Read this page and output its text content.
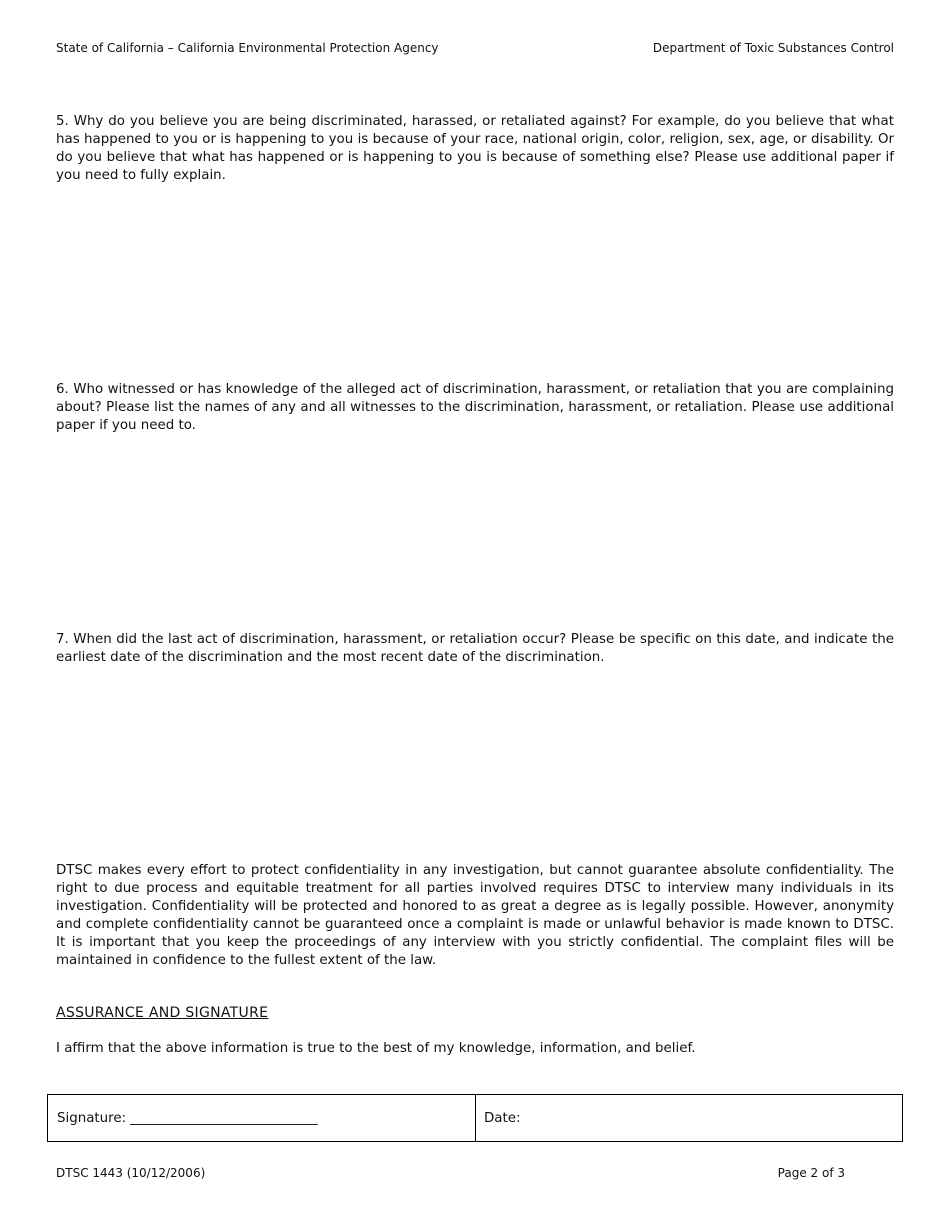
State of California – California Environmental Protection Agency	Department of Toxic Substances Control

5. Why do you believe you are being discriminated, harassed, or retaliated against? For example, do you believe that what has happened to you or is happening to you is because of your race, national origin, color, religion, sex, age, or disability. Or do you believe that what has happened or is happening to you is because of something else? Please use additional paper if you need to fully explain.

6. Who witnessed or has knowledge of the alleged act of discrimination, harassment, or retaliation that you are complaining about? Please list the names of any and all witnesses to the discrimination, harassment, or retaliation. Please use additional paper if you need to.

7. When did the last act of discrimination, harassment, or retaliation occur? Please be specific on this date, and indicate the earliest date of the discrimination and the most recent date of the discrimination.

DTSC makes every effort to protect confidentiality in any investigation, but cannot guarantee absolute confidentiality. The right to due process and equitable treatment for all parties involved requires DTSC to interview many individuals in its investigation. Confidentiality will be protected and honored to as great a degree as is legally possible. However, anonymity and complete confidentiality cannot be guaranteed once a complaint is made or unlawful behavior is made known to DTSC. It is important that you keep the proceedings of any interview with you strictly confidential. The complaint files will be maintained in confidence to the fullest extent of the law.

ASSURANCE AND SIGNATURE
I affirm that the above information is true to the best of my knowledge, information, and belief.
Signature: ____________________________	Date:
DTSC 1443 (10/12/2006)	Page 2 of 3
